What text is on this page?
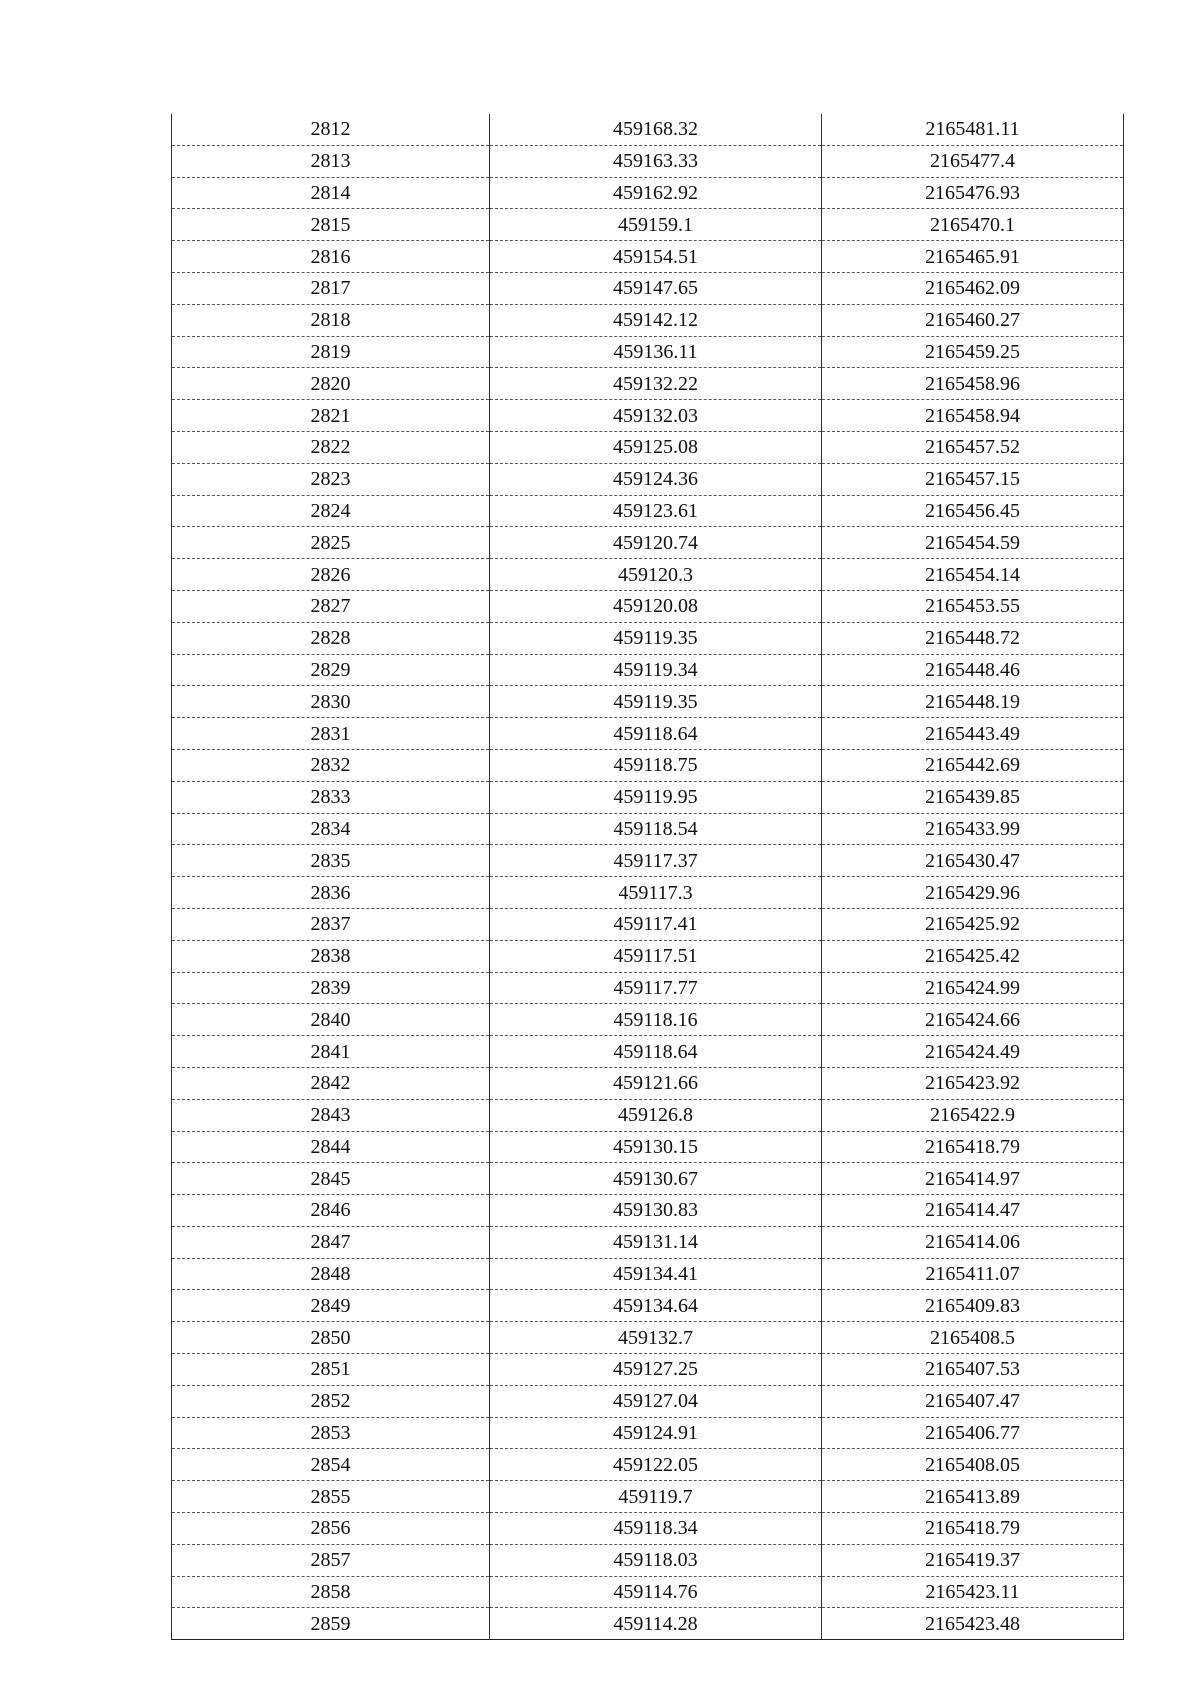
2812	459168.32	2165481.11
2813	459163.33	2165477.4
2814	459162.92	2165476.93
2815	459159.1	2165470.1
2816	459154.51	2165465.91
2817	459147.65	2165462.09
2818	459142.12	2165460.27
2819	459136.11	2165459.25
2820	459132.22	2165458.96
2821	459132.03	2165458.94
2822	459125.08	2165457.52
2823	459124.36	2165457.15
2824	459123.61	2165456.45
2825	459120.74	2165454.59
2826	459120.3	2165454.14
2827	459120.08	2165453.55
2828	459119.35	2165448.72
2829	459119.34	2165448.46
2830	459119.35	2165448.19
2831	459118.64	2165443.49
2832	459118.75	2165442.69
2833	459119.95	2165439.85
2834	459118.54	2165433.99
2835	459117.37	2165430.47
2836	459117.3	2165429.96
2837	459117.41	2165425.92
2838	459117.51	2165425.42
2839	459117.77	2165424.99
2840	459118.16	2165424.66
2841	459118.64	2165424.49
2842	459121.66	2165423.92
2843	459126.8	2165422.9
2844	459130.15	2165418.79
2845	459130.67	2165414.97
2846	459130.83	2165414.47
2847	459131.14	2165414.06
2848	459134.41	2165411.07
2849	459134.64	2165409.83
2850	459132.7	2165408.5
2851	459127.25	2165407.53
2852	459127.04	2165407.47
2853	459124.91	2165406.77
2854	459122.05	2165408.05
2855	459119.7	2165413.89
2856	459118.34	2165418.79
2857	459118.03	2165419.37
2858	459114.76	2165423.11
2859	459114.28	2165423.48
